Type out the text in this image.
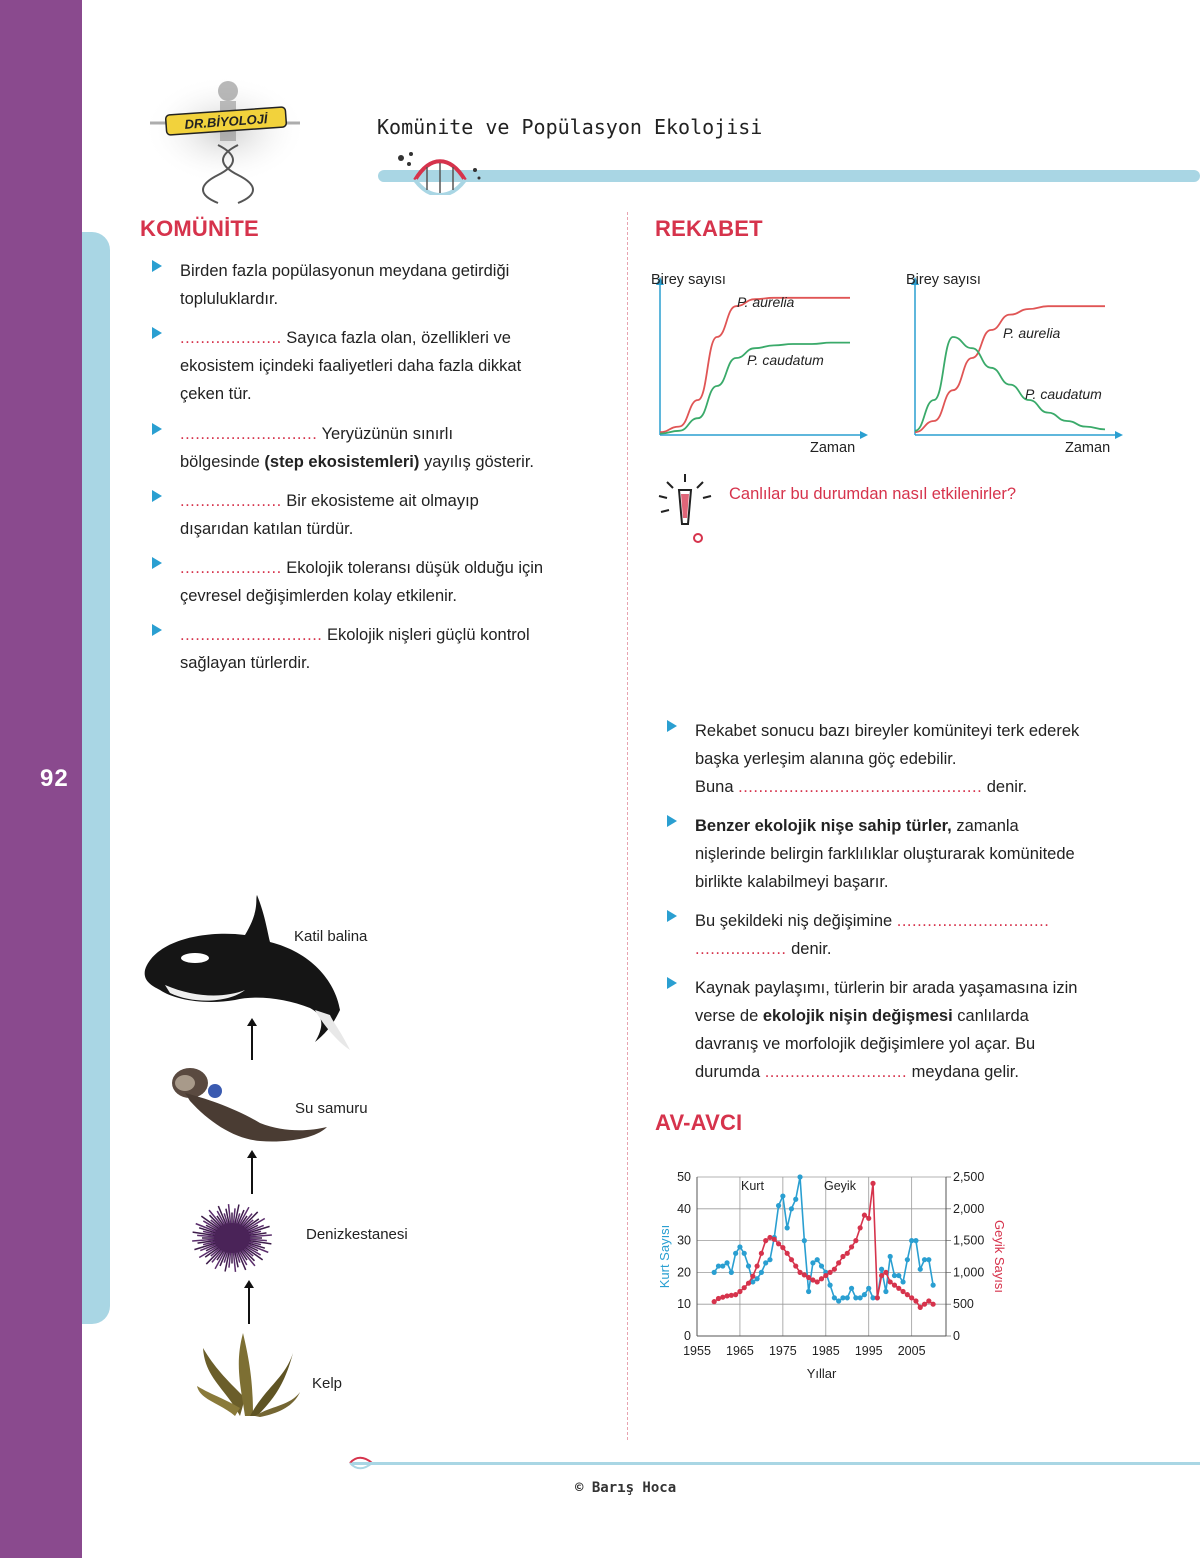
92
DR.BİYOLOJİ	Komünite ve Popülasyon Ekolojisi
KOMÜNİTE
Birden fazla popülasyonun meydana getirdiği
topluluklardır.
.................... Sayıca fazla olan, özellikleri ve
ekosistem içindeki faaliyetleri daha fazla dikkat
çeken tür.
........................... Yeryüzünün sınırlı
bölgesinde (step ekosistemleri) yayılış gösterir.
.................... Bir ekosisteme ait olmayıp
dışarıdan katılan türdür.
.................... Ekolojik toleransı düşük olduğu için
çevresel değişimlerden kolay etkilenir.
............................ Ekolojik nişleri güçlü kontrol
sağlayan türlerdir.
Katil balina
Su samuru
Denizkestanesi
Kelp
REKABET
Birey sayısı
Zaman
P. aurelia
P. caudatum
Birey sayısı
Zaman
P. aurelia
P. caudatum
Canlılar bu durumdan nasıl etkilenirler?
Rekabet sonucu bazı bireyler komüniteyi terk ederek
başka yerleşim alanına göç edebilir.
Buna ................................................ denir.
Benzer ekolojik nişe sahip türler, zamanla
nişlerinde belirgin farklılıklar oluşturarak komünitede
birlikte kalabilmeyi başarır.
Bu şekildeki niş değişimine ..............................
.................. denir.
Kaynak paylaşımı, türlerin bir arada yaşamasına izin
verse de ekolojik nişin değişmesi canlılarda
davranış ve morfolojik değişimlere yol açar. Bu
durumda ............................ meydana gelir.
AV-AVCI
0
10
20
30
40
50
0
500
1,000
1,500
2,000
2,500
1955 1965 1975 1985 1995 2005
Yıllar
Kurt Sayısı	Geyik Sayısı
Kurt	Geyik
© Barış Hoca
